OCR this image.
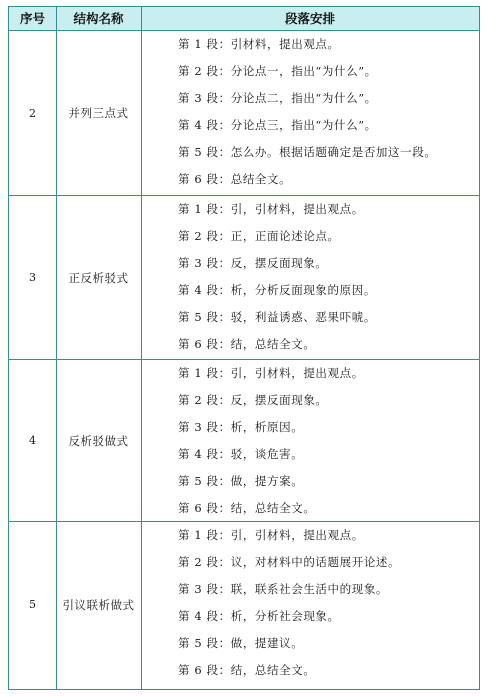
序号	结构名称	段落安排
2	并列三点式
第 1 段：引材料，提出观点。
第 2 段：分论点一，指出“为什么”。
第 3 段：分论点二，指出“为什么”。
第 4 段：分论点三，指出“为什么”。
第 5 段：怎么办。根据话题确定是否加这一段。
第 6 段：总结全文。
3	正反析驳式
第 1 段：引，引材料，提出观点。
第 2 段：正，正面论述论点。
第 3 段：反，摆反面现象。
第 4 段：析，分析反面现象的原因。
第 5 段：驳，利益诱惑、恶果吓唬。
第 6 段：结，总结全文。
4	反析驳做式
第 1 段：引，引材料，提出观点。
第 2 段：反，摆反面现象。
第 3 段：析，析原因。
第 4 段：驳，谈危害。
第 5 段：做，提方案。
第 6 段：结，总结全文。
5	引议联析做式
第 1 段：引，引材料，提出观点。
第 2 段：议，对材料中的话题展开论述。
第 3 段：联，联系社会生活中的现象。
第 4 段：析，分析社会现象。
第 5 段：做，提建议。
第 6 段：结，总结全文。
